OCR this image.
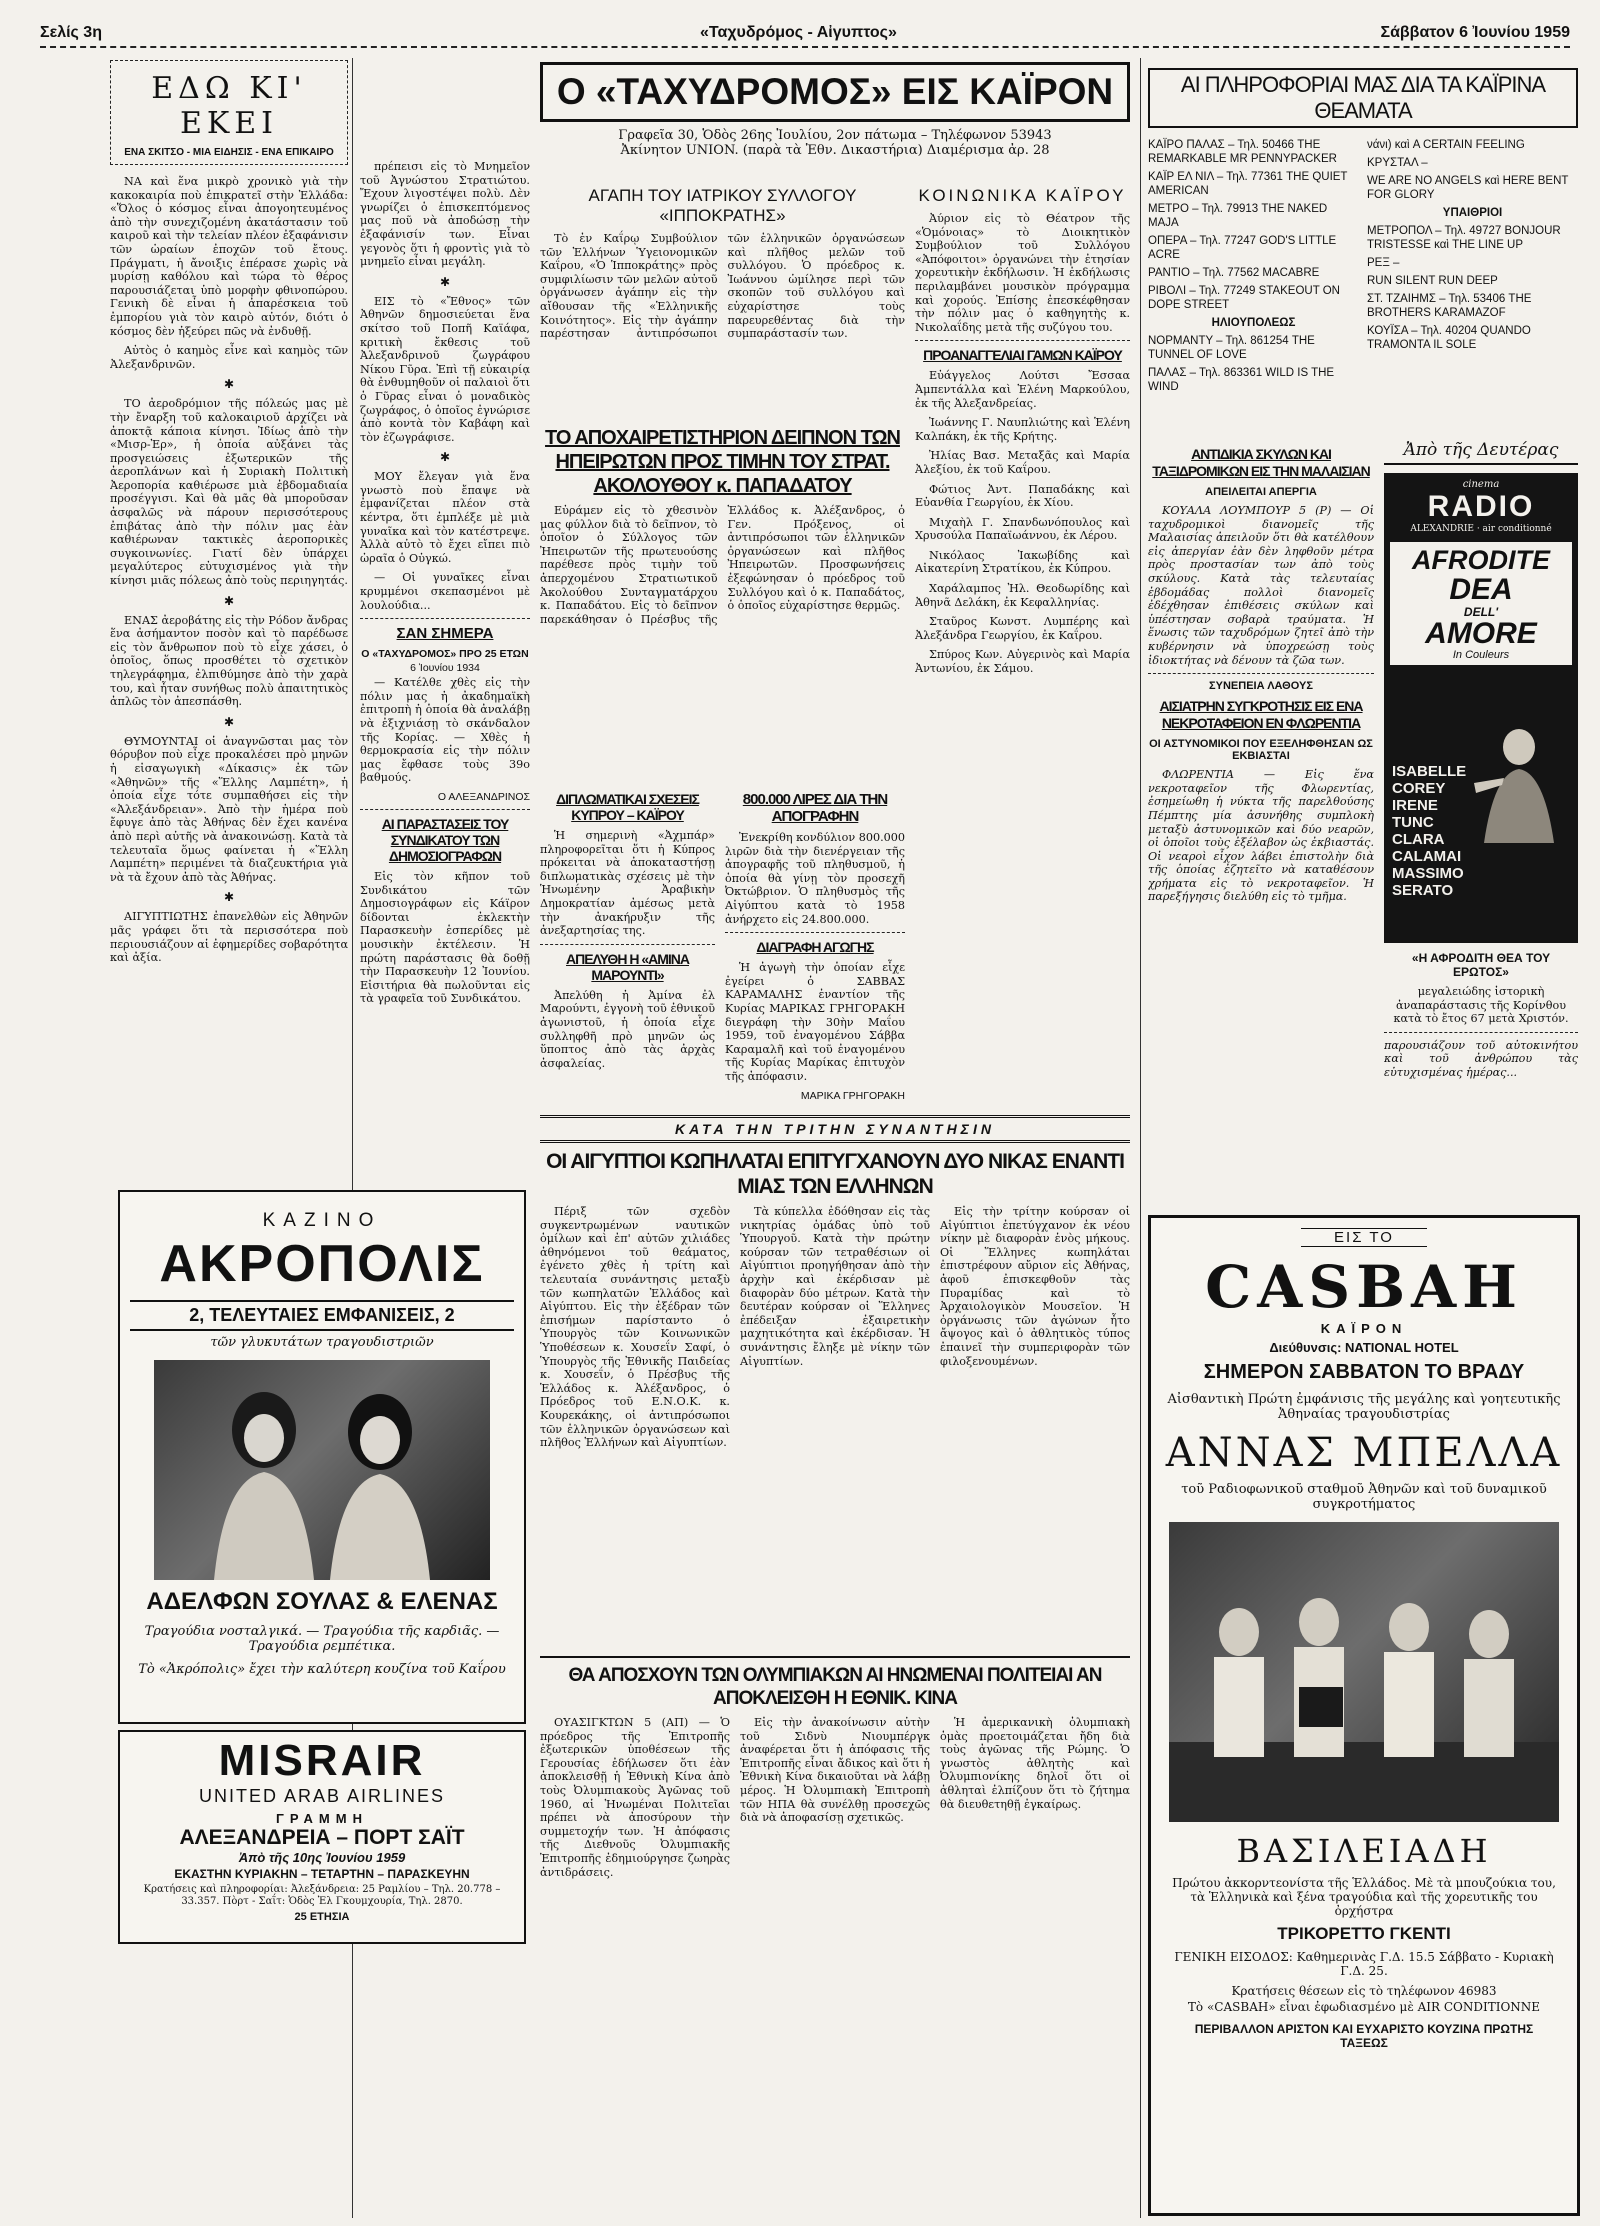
Σελίς 3η	«Ταχυδρόμος - Αἰγυπτος»	Σάββατον 6 Ἰουνίου 1959
ΕΔΩ ΚΙ' ΕΚΕΙ
ΕΝΑ ΣΚΙΤΣΟ - ΜΙΑ ΕΙΔΗΣΙΣ - ΕΝΑ ΕΠΙΚΑΙΡΟ

ΝΑ καὶ ἕνα μικρὸ χρονικὸ γιὰ τὴν κακοκαιρία ποὺ ἐπικρατεῖ στὴν Ἑλλάδα: «Ὅλος ὁ κόσμος εἶναι ἀπογοητευμένος ἀπὸ τὴν συνεχιζομένη ἀκατάστασιν τοῦ καιροῦ καὶ τὴν τελείαν πλέον ἐξαφάνισιν τῶν ὡραίων ἐποχῶν τοῦ ἔτους. Πράγματι, ἡ ἄνοιξις ἐπέρασε χωρὶς νὰ μυρίσῃ καθόλου καὶ τώρα τὸ θέρος παρουσιάζεται ὑπὸ μορφὴν φθινοπώρου. Γενικὴ δὲ εἶναι ἡ ἀπαρέσκεια τοῦ ἐμπορίου γιὰ τὸν καιρὸ αὐτόν, διότι ὁ κόσμος δὲν ἠξεύρει πῶς νὰ ἐνδυθῇ.

Αὐτὸς ὁ καημὸς εἶνε καὶ καημὸς τῶν Ἀλεξανδρινῶν.

✱

ΤΟ ἀεροδρόμιον τῆς πόλεώς μας μὲ τὴν ἔναρξη τοῦ καλοκαιριοῦ ἀρχίζει νὰ ἀποκτᾷ κάποια κίνησι. Ἰδίως ἀπὸ τὴν «Μισρ-Ἐρ», ἡ ὁποία αὐξάνει τὰς προσγειώσεις ἐξωτερικῶν τῆς ἀεροπλάνων καὶ ἡ Συριακὴ Πολιτικὴ Ἀεροπορία καθιέρωσε μιὰ ἑβδομαδιαία προσέγγισι. Καὶ θὰ μᾶς θὰ μποροῦσαν ἀσφαλῶς νὰ πάρουν περισσότερους ἐπιβάτας ἀπὸ τὴν πόλιν μας ἐὰν καθιέρωναν τακτικὲς ἀεροπορικὲς συγκοινωνίες. Γιατί δὲν ὑπάρχει μεγαλύτερος εὐτυχισμένος γιὰ τὴν κίνησι μιᾶς πόλεως ἀπὸ τοὺς περιηγητάς.

✱

ΕΝΑΣ ἀεροβάτης εἰς τὴν Ρόδον ἄνδρας ἕνα ἀσήμαντον ποσὸν καὶ τὸ παρέδωσε εἰς τὸν ἄνθρωπον ποὺ τὸ εἶχε χάσει, ὁ ὁποῖος, ὅπως προσθέτει τὸ σχετικὸν τηλεγράφημα, ἐλπιθύμησε ἀπὸ τὴν χαρὰ του, καὶ ἦταν συνήθως πολὺ ἀπαιτητικὸς ἀπλῶς τὸν ἀπεσπάσθη.

✱

ΘΥΜΟΥΝΤΑΙ οἱ ἀναγνῶσται μας τὸν θόρυβον ποὺ εἶχε προκαλέσει πρὸ μηνῶν ἡ εἰσαγωγικὴ «Δίκασις» ἐκ τῶν «Ἀθηνῶν» τῆς «Ἕλλης Λαμπέτη», ἡ ὁποία εἶχε τότε συμπαθήσει εἰς τὴν «Ἀλεξάνδρειαν». Ἀπὸ τὴν ἡμέρα ποὺ ἔφυγε ἀπὸ τὰς Ἀθήνας δὲν ἔχει κανένα ἀπὸ περὶ αὐτῆς νὰ ἀνακοινώσῃ. Κατὰ τὰ τελευταῖα ὅμως φαίνεται ἡ «Ἕλλη Λαμπέτη» περιμένει τὰ διαζευκτήρια γιὰ νὰ τὰ ἔχουν ἀπὸ τὰς Ἀθήνας.

✱

ΑΙΓΥΠΤΙΩΤΗΣ ἐπανελθὼν εἰς Ἀθηνῶν μᾶς γράφει ὅτι τὰ περισσότερα ποὺ περιουσιάζουν αἱ ἐφημερίδες σοβαρότητα καὶ ἀξία.

πρέπεισι εἰς τὸ Μνημεῖον τοῦ Ἀγνώστου Στρατιώτου. Ἔχουν λιγοστέψει πολὺ. Δὲν γνωρίζει ὁ ἐπισκεπτόμενος μας ποῦ νὰ ἀποδώσῃ τὴν ἐξαφάνισίν των. Εἶναι γεγονὸς ὅτι ἡ φροντὶς γιὰ τὸ μνημεῖο εἶναι μεγάλη.

✱

ΕΙΣ τὸ «Ἔθνος» τῶν Ἀθηνῶν δημοσιεύεται ἕνα σκίτσο τοῦ Ποπῆ Καϊάφα, κριτικὴ ἔκθεσις τοῦ Ἀλεξανδρινοῦ ζωγράφου Νίκου Γῦρα. Ἐπὶ τῇ εὐκαιρίᾳ θὰ ἐνθυμηθοῦν οἱ παλαιοὶ ὅτι ὁ Γῦρας εἶναι ὁ μοναδικὸς ζωγράφος, ὁ ὁποῖος ἐγνώρισε ἀπὸ κοντὰ τὸν Καβάφη καὶ τὸν ἐζωγράφισε.

✱

ΜΟΥ ἔλεγαν γιὰ ἕνα γνωστὸ ποὺ ἔπαψε νὰ ἐμφανίζεται πλέον στὰ κέντρα, ὅτι ἐμπλέξε μὲ μιὰ γυναῖκα καὶ τὸν κατέστρεψε. Ἀλλὰ αὐτὸ τὸ ἔχει εἴπει πιὸ ὡραῖα ὁ Οὐγκώ.

— Οἱ γυναῖκες εἶναι κρυμμένοι σκεπασμένοι μὲ λουλούδια...

ΣΑΝ ΣΗΜΕΡΑ
Ο «ΤΑΧΥΔΡΟΜΟΣ» ΠΡΟ 25 ΕΤΩΝ
6 Ἰουνίου 1934

— Κατέλθε χθὲς εἰς τὴν πόλιν μας ἡ ἀκαδημαϊκὴ ἐπιτροπὴ ἡ ὁποία θὰ ἀναλάβῃ νὰ ἐξιχνιάσῃ τὸ σκάνδαλον τῆς Κορίας. — Χθὲς ἡ θερμοκρασία εἰς τὴν πόλιν μας ἔφθασε τοὺς 39o βαθμούς.

Ο ΑΛΕΞΑΝΔΡΙΝΟΣ
ΑΙ ΠΑΡΑΣΤΑΣΕΙΣ ΤΟΥ ΣΥΝΔΙΚΑΤΟΥ ΤΩΝ ΔΗΜΟΣΙΟΓΡΑΦΩΝ

Εἰς τὸν κῆπον τοῦ Συνδικάτου τῶν Δημοσιογράφων εἰς Κάϊρον δίδονται ἐκλεκτὴν Παρασκευὴν ἑσπερίδες μὲ μουσικὴν ἐκτέλεσιν. Ἡ πρώτη παράστασις θὰ δοθῇ τὴν Παρασκευὴν 12 Ἰουνίου. Εἰσιτήρια θὰ πωλοῦνται εἰς τὰ γραφεῖα τοῦ Συνδικάτου.

ΚΑΖΙΝΟ
ΑΚΡΟΠΟΛΙΣ
2, ΤΕΛΕΥΤΑΙΕΣ ΕΜΦΑΝΙΣΕΙΣ, 2
τῶν γλυκυτάτων τραγουδιστριῶν
ΑΔΕΛΦΩΝ ΣΟΥΛΑΣ & ΕΛΕΝΑΣ
Τραγούδια νοσταλγικά. — Τραγούδια τῆς καρδιᾶς. — Τραγούδια ρεμπέτικα.
Τὸ «Ἀκρόπολις» ἔχει τὴν καλύτερη κουζίνα τοῦ Καΐρου
MISRAIR
UNITED ARAB AIRLINES
ΓΡΑΜΜΗ
ΑΛΕΞΑΝΔΡΕΙΑ – ΠΟΡΤ ΣΑΪΤ
Ἀπὸ τῆς 10ης Ἰουνίου 1959
ΕΚΑΣΤΗΝ ΚΥΡΙΑΚΗΝ – ΤΕΤΑΡΤΗΝ – ΠΑΡΑΣΚΕΥΗΝ
Κρατήσεις καὶ πληροφορίαι: Ἀλεξάνδρεια: 25 Ραμλίου – Τηλ. 20.778 – 33.357. Πὸρτ - Σαΐτ: Ὁδὸς Ἐλ Γκουμχουρία, Τηλ. 2870.
25 ΕΤΗΣΙΑ
Ο «ΤΑΧΥΔΡΟΜΟΣ» ΕΙΣ ΚΑΪΡΟΝ
Γραφεῖα 30, Ὁδὸς 26ης Ἰουλίου, 2ον πάτωμα – Τηλέφωνον 53943
Ἀκίνητον UNION. (παρὰ τὰ Ἐθν. Δικαστήρια) Διαμέρισμα ἀρ. 28
ΑΓΑΠΗ ΤΟΥ ΙΑΤΡΙΚΟΥ ΣΥΛΛΟΓΟΥ «ΙΠΠΟΚΡΑΤΗΣ»

Τὸ ἐν Καΐρῳ Συμβούλιον τῶν Ἑλλήνων Ὑγειονομικῶν Καΐρου, «Ὁ Ἱπποκράτης» πρὸς συμφιλίωσιν τῶν μελῶν αὐτοῦ ὀργάνωσεν ἀγάπην εἰς τὴν αἴθουσαν τῆς «Ἑλληνικῆς Κοινότητος». Εἰς τὴν ἀγάπην παρέστησαν ἀντιπρόσωποι τῶν ἑλληνικῶν ὀργανώσεων καὶ πλῆθος μελῶν τοῦ συλλόγου. Ὁ πρόεδρος κ. Ἰωάννου ὡμίλησε περὶ τῶν σκοπῶν τοῦ συλλόγου καὶ εὐχαρίστησε τοὺς παρευρεθέντας διὰ τὴν συμπαράστασίν των.

ΤΟ ΑΠΟΧΑΙΡΕΤΙΣΤΗΡΙΟΝ ΔΕΙΠΝΟΝ ΤΩΝ ΗΠΕΙΡΩΤΩΝ ΠΡΟΣ ΤΙΜΗΝ ΤΟΥ ΣΤΡΑΤ. ΑΚΟΛΟΥΘΟΥ κ. ΠΑΠΑΔΑΤΟΥ

Εὐράμεν εἰς τὸ χθεσινὸν μας φύλλον διὰ τὸ δεῖπνον, τὸ ὁποῖον ὁ Σύλλογος τῶν Ἠπειρωτῶν τῆς πρωτευούσης παρέθεσε πρὸς τιμὴν τοῦ ἀπερχομένου Στρατιωτικοῦ Ἀκολούθου Συνταγματάρχου κ. Παπαδάτου. Εἰς τὸ δεῖπνον παρεκάθησαν ὁ Πρέσβυς τῆς Ἑλλάδος κ. Ἀλέξανδρος, ὁ Γεν. Πρόξενος, οἱ ἀντιπρόσωποι τῶν ἑλληνικῶν ὀργανώσεων καὶ πλῆθος Ἠπειρωτῶν. Προσφωνήσεις ἐξεφώνησαν ὁ πρόεδρος τοῦ Συλλόγου καὶ ὁ κ. Παπαδάτος, ὁ ὁποῖος εὐχαρίστησε θερμῶς.

ΔΙΠΛΩΜΑΤΙΚΑΙ ΣΧΕΣΕΙΣ ΚΥΠΡΟΥ – ΚΑΪΡΟΥ

Ἡ σημερινὴ «Ἀχμπάρ» πληροφορεῖται ὅτι ἡ Κύπρος πρόκειται νὰ ἀποκαταστήσῃ διπλωματικὰς σχέσεις μὲ τὴν Ἡνωμένην Ἀραβικὴν Δημοκρατίαν ἀμέσως μετὰ τὴν ἀνακήρυξιν τῆς ἀνεξαρτησίας της.

ΑΠΕΛΥΘΗ Η «ΑΜΙΝΑ ΜΑΡΟΥΝΤΙ»

Ἀπελύθη ἡ Ἀμίνα ἐλ Μαρούντι, ἐγγονὴ τοῦ ἐθνικοῦ ἀγωνιστοῦ, ἡ ὁποία εἶχε συλληφθῆ πρὸ μηνῶν ὡς ὕποπτος ἀπὸ τὰς ἀρχὰς ἀσφαλείας.

800.000 ΛΙΡΕΣ ΔΙΑ ΤΗΝ ΑΠΟΓΡΑΦΗΝ

Ἐνεκρίθη κονδύλιον 800.000 λιρῶν διὰ τὴν διενέργειαν τῆς ἀπογραφῆς τοῦ πληθυσμοῦ, ἡ ὁποία θὰ γίνῃ τὸν προσεχῆ Ὀκτώβριον. Ὁ πληθυσμὸς τῆς Αἰγύπτου κατὰ τὸ 1958 ἀνήρχετο εἰς 24.800.000.

ΔΙΑΓΡΑΦΗ ΑΓΩΓΗΣ

Ἡ ἀγωγὴ τὴν ὁποίαν εἶχε ἐγείρει ὁ ΣΑΒΒΑΣ ΚΑΡΑΜΑΛΗΣ ἐναντίον τῆς Κυρίας ΜΑΡΙΚΑΣ ΓΡΗΓΟΡΑΚΗ διεγράφη τὴν 30ὴν Μαΐου 1959, τοῦ ἐναγομένου Σάββα Καραμαλῆ καὶ τοῦ ἐναγομένου τῆς Κυρίας Μαρίκας ἐπιτυχὸν τῆς ἀπόφασιν.

ΜΑΡΙΚΑ ΓΡΗΓΟΡΑΚΗ
ΚΟΙΝΩΝΙΚΑ ΚΑΪΡΟΥ

Ἀύριον εἰς τὸ Θέατρον τῆς «Ὁμόνοιας» τὸ Διοικητικὸν Συμβούλιον τοῦ Συλλόγου «Ἀπόφοιτοι» ὀργανώνει τὴν ἐτησίαν χορευτικὴν ἐκδήλωσιν. Ἡ ἐκδήλωσις περιλαμβάνει μουσικὸν πρόγραμμα καὶ χορούς. Ἐπίσης ἐπεσκέφθησαν τὴν πόλιν μας ὁ καθηγητὴς κ. Νικολαΐδης μετὰ τῆς συζύγου του.

ΠΡΟΑΝΑΓΓΕΛΙΑΙ ΓΑΜΩΝ ΚΑΪΡΟΥ

Εὐάγγελος Λούτσι Ἔσσαα Ἀμπεντάλλα καὶ Ἑλένη Μαρκούλου, ἐκ τῆς Ἀλεξανδρείας.

Ἰωάννης Γ. Ναυπλιώτης καὶ Ἑλένη Καλπάκη, ἐκ τῆς Κρήτης.

Ἠλίας Βασ. Μεταξᾶς καὶ Μαρία Ἀλεξίου, ἐκ τοῦ Καΐρου.

Φώτιος Ἀντ. Παπαδάκης καὶ Εὐανθία Γεωργίου, ἐκ Χίου.

Μιχαὴλ Γ. Σπανδωνόπουλος καὶ Χρυσούλα Παπαϊωάννου, ἐκ Λέρου.

Νικόλαος Ἰακωβίδης καὶ Αἰκατερίνη Στρατίκου, ἐκ Κύπρου.

Χαράλαμπος Ἠλ. Θεοδωρίδης καὶ Ἀθηνᾶ Δελάκη, ἐκ Κεφαλληνίας.

Σταῦρος Κωνστ. Λυμπέρης καὶ Ἀλεξάνδρα Γεωργίου, ἐκ Καΐρου.

Σπύρος Κων. Αὐγερινὸς καὶ Μαρία Ἀντωνίου, ἐκ Σάμου.

ΚΑΤΑ ΤΗΝ ΤΡΙΤΗΝ ΣΥΝΑΝΤΗΣΙΝ
ΟΙ ΑΙΓΥΠΤΙΟΙ ΚΩΠΗΛΑΤΑΙ ΕΠΙΤΥΓΧΑΝΟΥΝ ΔΥΟ ΝΙΚΑΣ ΕΝΑΝΤΙ ΜΙΑΣ ΤΩΝ ΕΛΛΗΝΩΝ

Πέριξ τῶν σχεδὸν συγκεντρωμένων ναυτικῶν ὁμίλων καὶ ἐπ' αὐτῶν χιλιάδες ἀθηνόμενοι τοῦ θεάματος, ἐγένετο χθὲς ἡ τρίτη καὶ τελευταία συνάντησις μεταξὺ τῶν κωπηλατῶν Ἑλλάδος καὶ Αἰγύπτου. Εἰς τὴν ἐξέδραν τῶν ἐπισήμων παρίσταντο ὁ Ὑπουργὸς τῶν Κοινωνικῶν Ὑποθέσεων κ. Χουσεΐν Σαφί, ὁ Ὑπουργὸς τῆς Ἐθνικῆς Παιδείας κ. Χουσεΐν, ὁ Πρέσβυς τῆς Ἑλλάδος κ. Ἀλέξανδρος, ὁ Πρόεδρος τοῦ Ε.Ν.Ο.Κ. κ. Κουρεκάκης, οἱ ἀντιπρόσωποι τῶν ἑλληνικῶν ὀργανώσεων καὶ πλῆθος Ἑλλήνων καὶ Αἰγυπτίων.

Τὰ κύπελλα ἐδόθησαν εἰς τὰς νικητρίας ὁμάδας ὑπὸ τοῦ Ὑπουργοῦ. Κατὰ τὴν πρώτην κούρσαν τῶν τετραθέσιων οἱ Αἰγύπτιοι προηγήθησαν ἀπὸ τὴν ἀρχὴν καὶ ἐκέρδισαν μὲ διαφορὰν δύο μέτρων. Κατὰ τὴν δευτέραν κούρσαν οἱ Ἕλληνες ἐπέδειξαν ἐξαιρετικὴν μαχητικότητα καὶ ἐκέρδισαν. Ἡ συνάντησις ἔληξε μὲ νίκην τῶν Αἰγυπτίων.

Εἰς τὴν τρίτην κούρσαν οἱ Αἰγύπτιοι ἐπετύγχανον ἐκ νέου νίκην μὲ διαφορὰν ἑνὸς μήκους. Οἱ Ἕλληνες κωπηλάται ἐπιστρέφουν αὔριον εἰς Ἀθήνας, ἀφοῦ ἐπισκεφθοῦν τὰς Πυραμίδας καὶ τὸ Ἀρχαιολογικὸν Μουσεῖον. Ἡ ὀργάνωσις τῶν ἀγώνων ἦτο ἄψογος καὶ ὁ ἀθλητικὸς τύπος ἐπαινεῖ τὴν συμπεριφορὰν τῶν φιλοξενουμένων.

ΘΑ ΑΠΟΣΧΟΥΝ ΤΩΝ ΟΛΥΜΠΙΑΚΩΝ ΑΙ ΗΝΩΜΕΝΑΙ ΠΟΛΙΤΕΙΑΙ ΑΝ ΑΠΟΚΛΕΙΣΘΗ Η ΕΘΝΙΚ. ΚΙΝΑ

ΟΥΑΣΙΓΚΤΩΝ 5 (ΑΠ) — Ὁ πρόεδρος τῆς Ἐπιτροπῆς ἐξωτερικῶν ὑποθέσεων τῆς Γερουσίας ἐδήλωσεν ὅτι ἐὰν ἀποκλεισθῇ ἡ Ἐθνικὴ Κίνα ἀπὸ τοὺς Ὀλυμπιακοὺς Ἀγῶνας τοῦ 1960, αἱ Ἡνωμέναι Πολιτεῖαι πρέπει νὰ ἀποσύρουν τὴν συμμετοχήν των. Ἡ ἀπόφασις τῆς Διεθνοῦς Ὀλυμπιακῆς Ἐπιτροπῆς ἐδημιούργησε ζωηρὰς ἀντιδράσεις.

Εἰς τὴν ἀνακοίνωσιν αὐτὴν τοῦ Σιδνὺ Νιουμπέργκ ἀναφέρεται ὅτι ἡ ἀπόφασις τῆς Ἐπιτροπῆς εἶναι ἄδικος καὶ ὅτι ἡ Ἐθνικὴ Κίνα δικαιοῦται νὰ λάβῃ μέρος. Ἡ Ὀλυμπιακὴ Ἐπιτροπὴ τῶν ΗΠΑ θὰ συνέλθῃ προσεχῶς διὰ νὰ ἀποφασίσῃ σχετικῶς.

Ἡ ἀμερικανικὴ ὀλυμπιακὴ ὁμὰς προετοιμάζεται ἤδη διὰ τοὺς ἀγῶνας τῆς Ρώμης. Ὁ γνωστὸς ἀθλητὴς καὶ Ὀλυμπιονίκης δηλοῖ ὅτι οἱ ἀθληταὶ ἐλπίζουν ὅτι τὸ ζήτημα θὰ διευθετηθῇ ἐγκαίρως.

ΑΙ ΠΛΗΡΟΦΟΡΙΑΙ ΜΑΣ ΔΙΑ ΤΑ ΚΑΪΡΙΝΑ ΘΕΑΜΑΤΑ
ΚΑΪΡΟ ΠΑΛΑΣ – Τηλ. 50466 THE REMARKABLE MR PENNYPACKER
ΚΑΪΡ ΕΛ ΝΙΛ – Τηλ. 77361 THE QUIET AMERICAN
ΜΕΤΡΟ – Τηλ. 79913 THE NAKED MAJA
ΟΠΕΡΑ – Τηλ. 77247 GOD'S LITTLE ACRE
ΡΑΝΤΙΟ – Τηλ. 77562 MACABRE
ΡΙΒΟΛΙ – Τηλ. 77249 STAKEOUT ON DOPE STREET
ΗΛΙΟΥΠΟΛΕΩΣ
ΝΟΡΜΑΝΤΥ – Τηλ. 861254 THE TUNNEL OF LOVE
ΠΑΛΑΣ – Τηλ. 863361 WILD IS THE WIND
νάνι) καὶ A CERTAIN FEELING
ΚΡΥΣΤΑΛ –
WE ARE NO ANGELS καὶ HERE BENT FOR GLORY
ΥΠΑΙΘΡΙΟΙ
ΜΕΤΡΟΠΟΛ – Τηλ. 49727 BONJOUR TRISTESSE καὶ THE LINE UP
ΡΕΞ –
RUN SILENT RUN DEEP
ΣΤ. ΤΖΑΙΗΜΣ – Τηλ. 53406 THE BROTHERS KARAMAZOF
ΚΟΥΪΣΑ – Τηλ. 40204 QUANDO TRAMONTA IL SOLE
ΑΝΤΙΔΙΚΙΑ ΣΚΥΛΩΝ ΚΑΙ ΤΑΞΙΔΡΟΜΙΚΩΝ ΕΙΣ ΤΗΝ ΜΑΛΑΙΣΙΑΝ
ΑΠΕΙΛΕΙΤΑΙ ΑΠΕΡΓΙΑ

ΚΟΥΑΛΑ ΛΟΥΜΠΟΥΡ 5 (Ρ) — Οἱ ταχυδρομικοὶ διανομεῖς τῆς Μαλαισίας ἀπειλοῦν ὅτι θὰ κατέλθουν εἰς ἀπεργίαν ἐὰν δὲν ληφθοῦν μέτρα πρὸς προστασίαν των ἀπὸ τοὺς σκύλους. Κατὰ τὰς τελευταίας ἑβδομάδας πολλοὶ διανομεῖς ἐδέχθησαν ἐπιθέσεις σκύλων καὶ ὑπέστησαν σοβαρὰ τραύματα. Ἡ ἕνωσις τῶν ταχυδρόμων ζητεῖ ἀπὸ τὴν κυβέρνησιν νὰ ὑποχρεώσῃ τοὺς ἰδιοκτήτας νὰ δένουν τὰ ζῶα των.

ΣΥΝΕΠΕΙΑ ΛΑΘΟΥΣ
ΑΙΣΙΑΤΡΗΝ ΣΥΓΚΡΟΤΗΣΙΣ ΕΙΣ ΕΝΑ ΝΕΚΡΟΤΑΦΕΙΟΝ ΕΝ ΦΛΩΡΕΝΤΙΑ
ΟΙ ΑΣΤΥΝΟΜΙΚΟΙ ΠΟΥ ΕΞΕΛΗΦΘΗΣΑΝ ΩΣ ΕΚΒΙΑΣΤΑΙ

ΦΛΩΡΕΝΤΙΑ — Εἰς ἕνα νεκροταφεῖον τῆς Φλωρεντίας, ἐσημείωθη ἡ νύκτα τῆς παρελθούσης Πέμπτης μία ἀσυνήθης συμπλοκὴ μεταξὺ ἀστυνομικῶν καὶ δύο νεαρῶν, οἱ ὁποῖοι τοὺς ἐξέλαβον ὡς ἐκβιαστάς. Οἱ νεαροὶ εἶχον λάβει ἐπιστολὴν διὰ τῆς ὁποίας ἐζητεῖτο νὰ καταθέσουν χρήματα εἰς τὸ νεκροταφεῖον. Ἡ παρεξήγησις διελύθη εἰς τὸ τμῆμα.

Ἀπὸ τῆς Δευτέρας
cinema
RADIO
ALEXANDRIE · air conditionné
AFRODITE
DEA
DELL'
AMORE
In Couleurs
ISABELLE
COREY
IRENE
TUNC
CLARA
CALAMAI
MASSIMO
SERATO
«Η ΑΦΡΟΔΙΤΗ ΘΕΑ ΤΟΥ ΕΡΩΤΟΣ»

μεγαλειώδης ἱστορικὴ ἀναπαράστασις τῆς Κορίνθου κατὰ τὸ ἔτος 67 μετὰ Χριστόν.

παρουσιάζουν τοῦ αὐτοκινήτου καὶ τοῦ ἀνθρώπου τὰς εὐτυχισμένας ἡμέρας...

ΕΙΣ ΤΟ
CASBAH
ΚΑΪΡΟΝ
Διεύθυνσις: NATIONAL HOTEL
ΣΗΜΕΡΟΝ ΣΑΒΒΑΤΟΝ ΤΟ ΒΡΑΔΥ
Αἰσθαντικὴ Πρώτη ἐμφάνισις τῆς μεγάλης καὶ γοητευτικῆς Ἀθηναίας τραγουδιστρίας
ΑΝΝΑΣ ΜΠΕΛΛΑ
τοῦ Ραδιοφωνικοῦ σταθμοῦ Ἀθηνῶν καὶ τοῦ δυναμικοῦ συγκροτήματος
ΒΑΣΙΛΕΙΑΔΗ
Πρώτου ἀκκορντεονίστα τῆς Ἑλλάδος. Μὲ τὰ μπουζούκια του, τὰ Ἑλληνικὰ καὶ ξένα τραγούδια καὶ τῆς χορευτικῆς του ὀρχήστρα
ΤΡΙΚΟΡΕΤΤΟ ΓΚΕΝΤΙ
ΓΕΝΙΚΗ ΕΙΣΟΔΟΣ: Καθημερινὰς Γ.Δ. 15.5 Σάββατο - Κυριακὴ Γ.Δ. 25.
Κρατήσεις θέσεων εἰς τὸ τηλέφωνον 46983
Τὸ «CASBAH» εἶναι ἐφωδιασμένο μὲ AIR CONDITIONNE
ΠΕΡΙΒΑΛΛΟΝ ΑΡΙΣΤΟΝ ΚΑΙ ΕΥΧΑΡΙΣΤΟ ΚΟΥΖΙΝΑ ΠΡΩΤΗΣ ΤΑΞΕΩΣ
